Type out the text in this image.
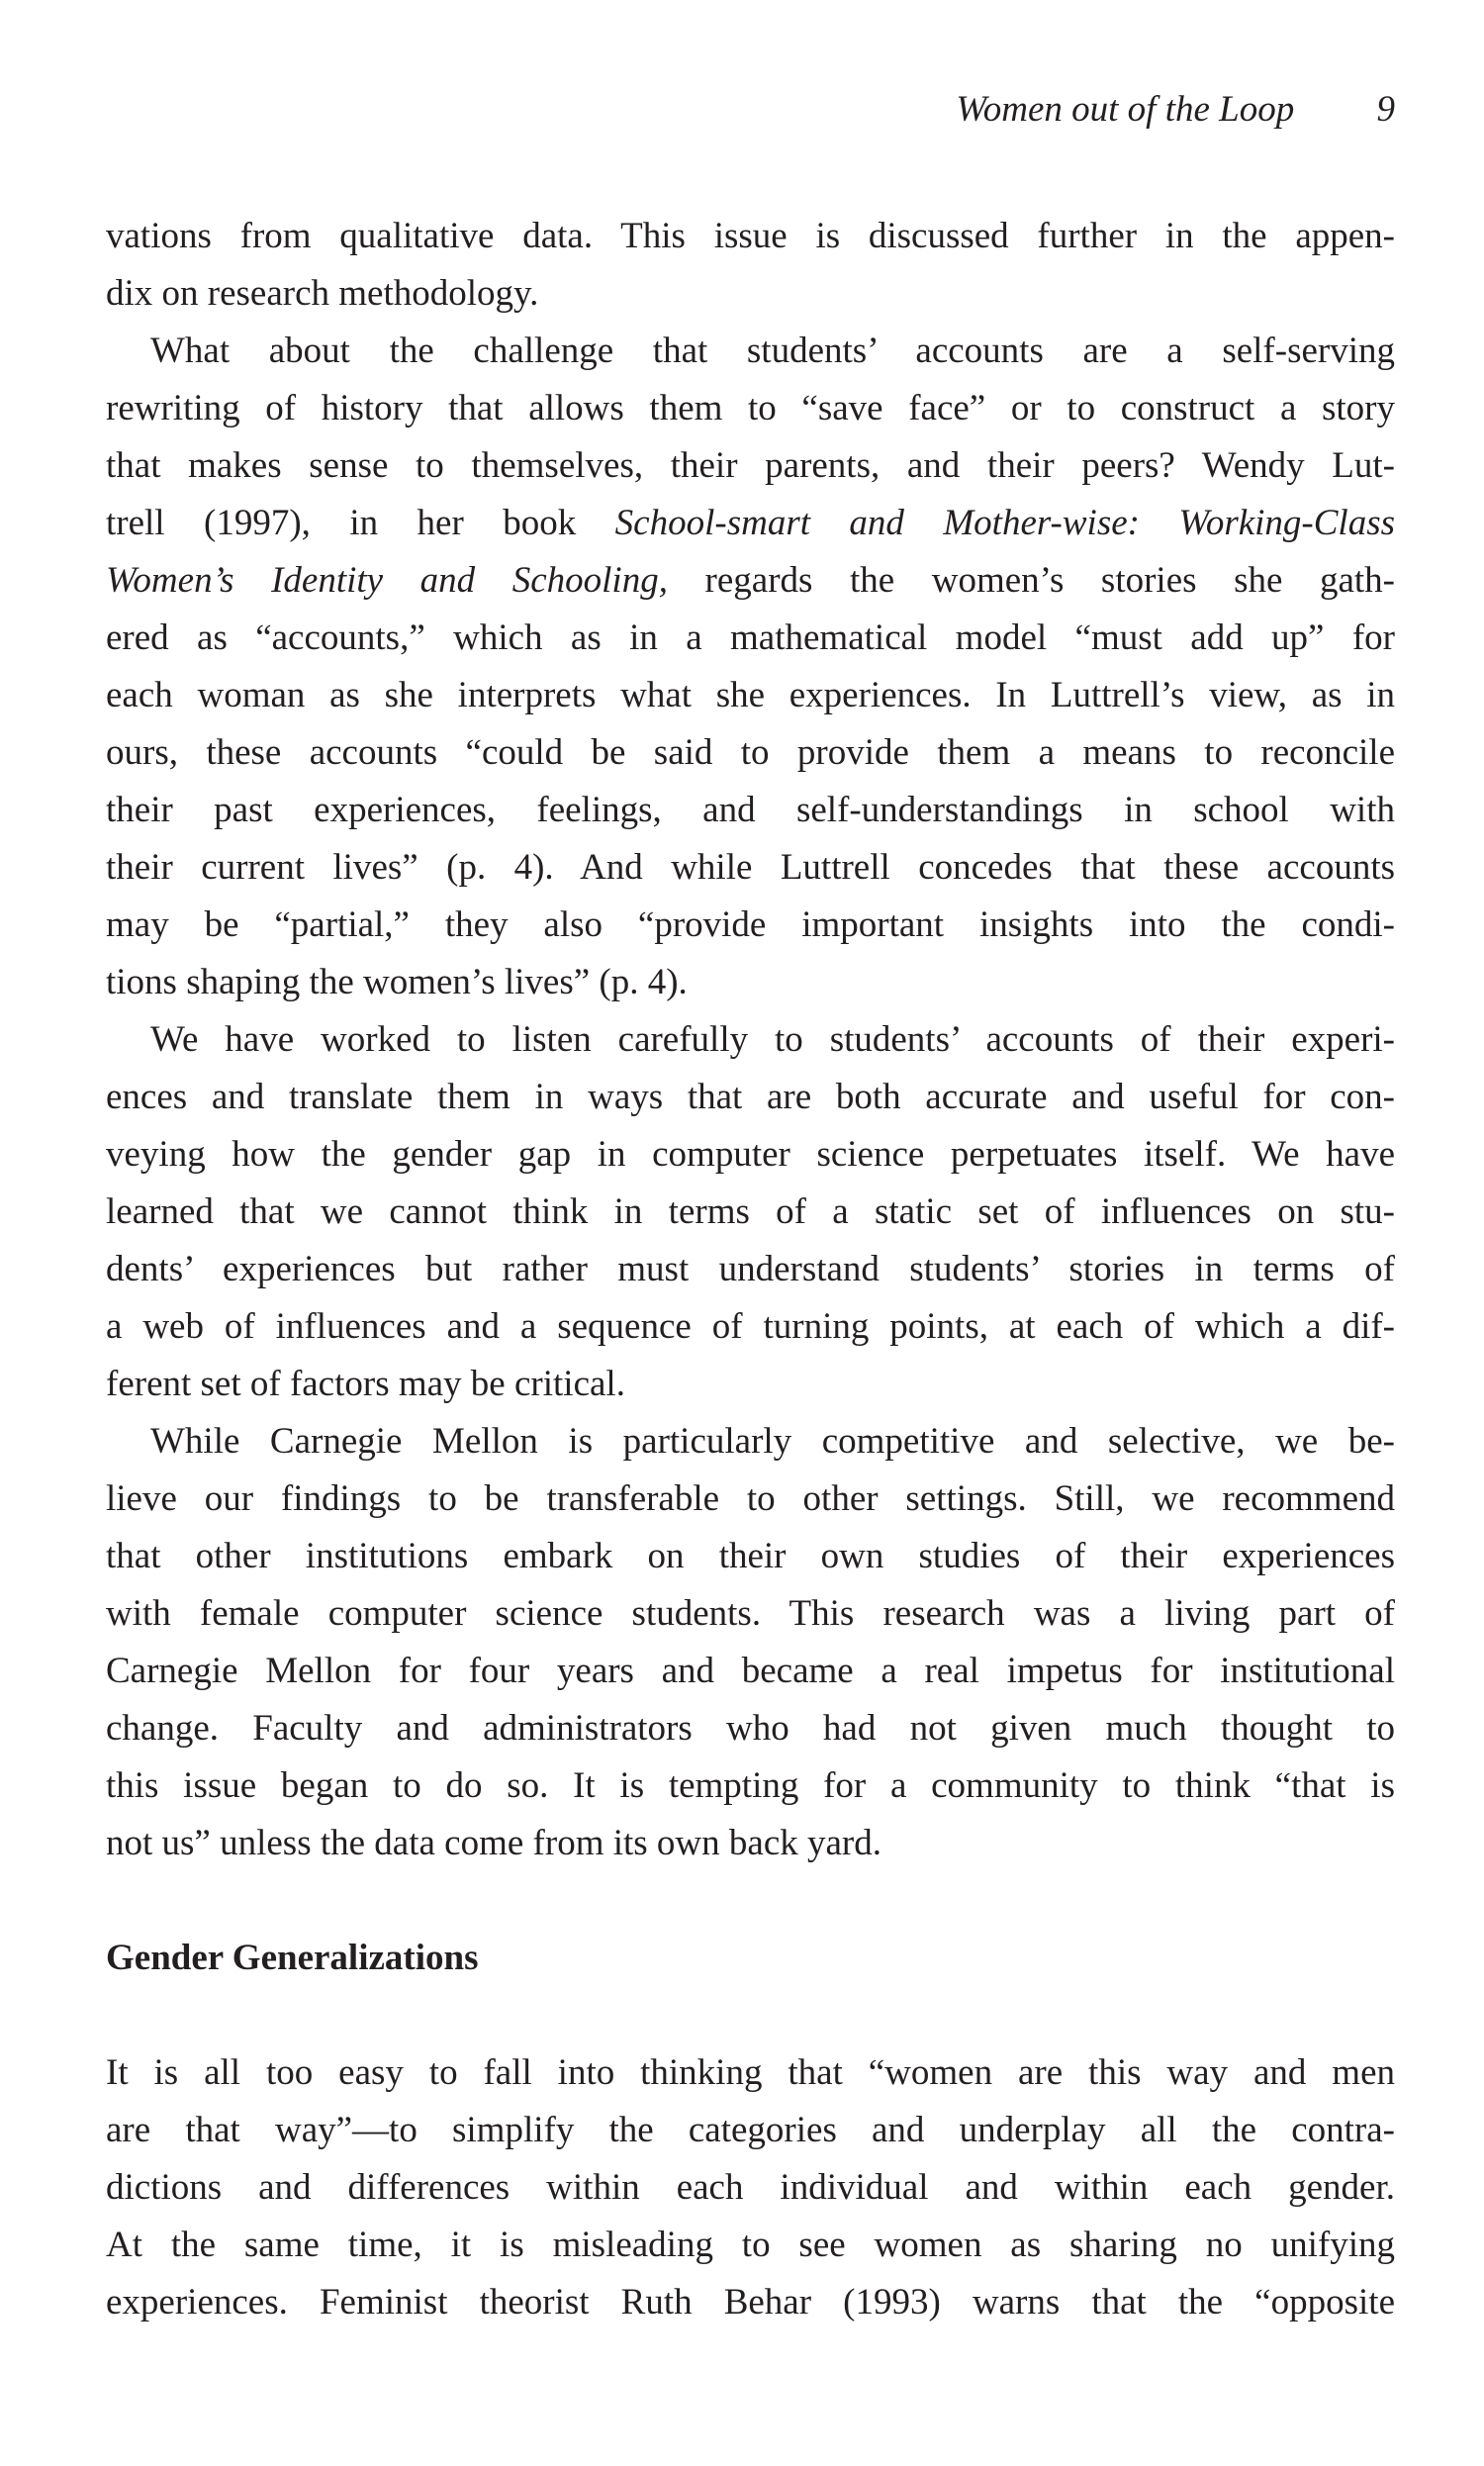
Women out of the Loop 9
vations from qualitative data. This issue is discussed further in the appen-
dix on research methodology.
What about the challenge that students’ accounts are a self-serving
rewriting of history that allows them to “save face” or to construct a story
that makes sense to themselves, their parents, and their peers? Wendy Lut-
trell (1997), in her book School-smart and Mother-wise: Working-Class
Women’s Identity and Schooling, regards the women’s stories she gath-
ered as “accounts,” which as in a mathematical model “must add up” for
each woman as she interprets what she experiences. In Luttrell’s view, as in
ours, these accounts “could be said to provide them a means to reconcile
their past experiences, feelings, and self-understandings in school with
their current lives” (p. 4). And while Luttrell concedes that these accounts
may be “partial,” they also “provide important insights into the condi-
tions shaping the women’s lives” (p. 4).
We have worked to listen carefully to students’ accounts of their experi-
ences and translate them in ways that are both accurate and useful for con-
veying how the gender gap in computer science perpetuates itself. We have
learned that we cannot think in terms of a static set of influences on stu-
dents’ experiences but rather must understand students’ stories in terms of
a web of influences and a sequence of turning points, at each of which a dif-
ferent set of factors may be critical.
While Carnegie Mellon is particularly competitive and selective, we be-
lieve our findings to be transferable to other settings. Still, we recommend
that other institutions embark on their own studies of their experiences
with female computer science students. This research was a living part of
Carnegie Mellon for four years and became a real impetus for institutional
change. Faculty and administrators who had not given much thought to
this issue began to do so. It is tempting for a community to think “that is
not us” unless the data come from its own back yard.
Gender Generalizations
It is all too easy to fall into thinking that “women are this way and men
are that way”—to simplify the categories and underplay all the contra-
dictions and differences within each individual and within each gender.
At the same time, it is misleading to see women as sharing no unifying
experiences. Feminist theorist Ruth Behar (1993) warns that the “opposite
